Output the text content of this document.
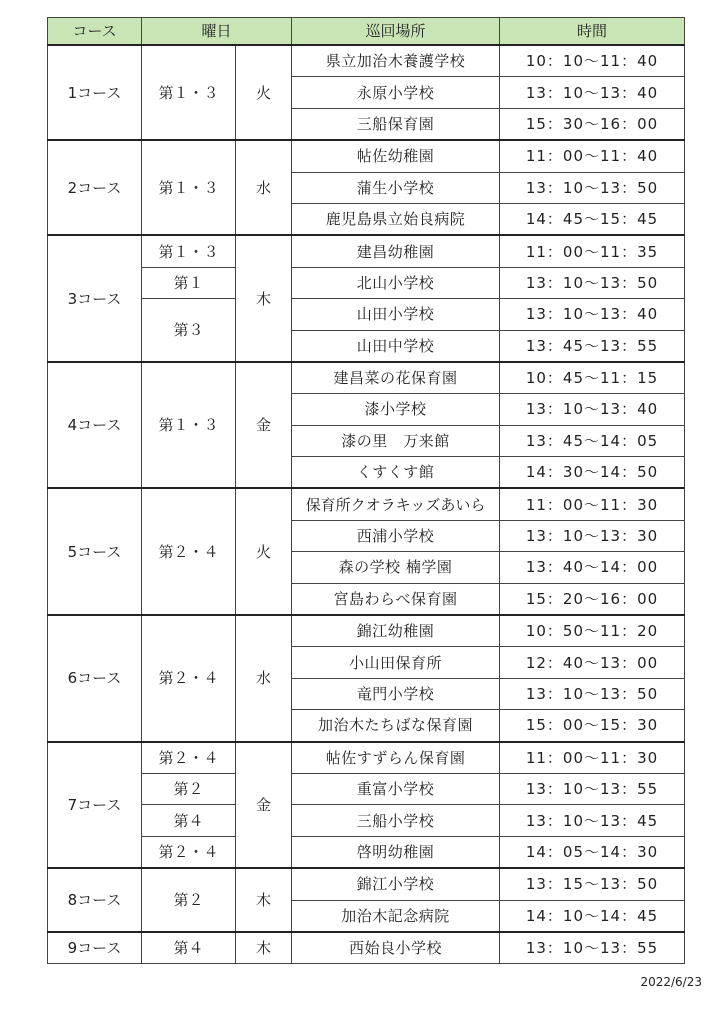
コース	曜日		巡回場所	時間
1コース	第１・３	火	県立加治木養護学校	10：10〜11：40
			永原小学校	13：10〜13：40
			三船保育園	15：30〜16：00
2コース	第１・３	水	帖佐幼稚園	11：00〜11：40
			蒲生小学校	13：10〜13：50
			鹿児島県立始良病院	14：45〜15：45
3コース	第１・３	木	建昌幼稚園	11：00〜11：35
	第１		北山小学校	13：10〜13：50
	第３		山田小学校	13：10〜13：40
			山田中学校	13：45〜13：55
4コース	第１・３	金	建昌菜の花保育園	10：45〜11：15
			漆小学校	13：10〜13：40
			漆の里　万来館	13：45〜14：05
			くすくす館	14：30〜14：50
5コース	第２・４	火	保育所クオラキッズあいら	11：00〜11：30
			西浦小学校	13：10〜13：30
			森の学校 楠学園	13：40〜14：00
			宮島わらべ保育園	15：20〜16：00
6コース	第２・４	水	錦江幼稚園	10：50〜11：20
			小山田保育所	12：40〜13：00
			竜門小学校	13：10〜13：50
			加治木たちばな保育園	15：00〜15：30
7コース	第２・４	金	帖佐すずらん保育園	11：00〜11：30
	第２		重富小学校	13：10〜13：55
	第４		三船小学校	13：10〜13：45
	第２・４		啓明幼稚園	14：05〜14：30
8コース	第２	木	錦江小学校	13：15〜13：50
			加治木記念病院	14：10〜14：45
9コース	第４	木	西始良小学校	13：10〜13：55
2022/6/23
